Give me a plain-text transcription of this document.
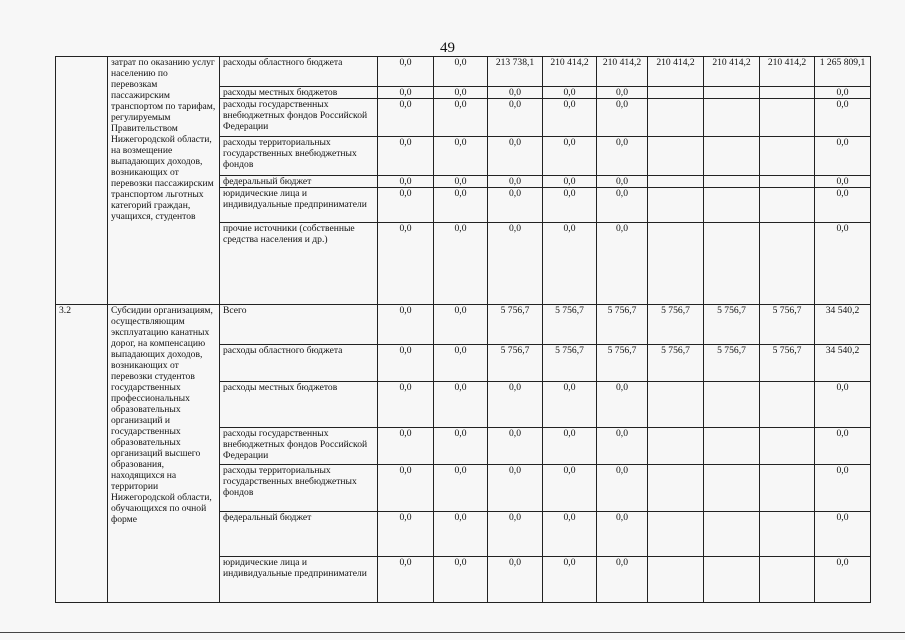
49
	затрат по оказанию услуг населению по перевозкам пассажирским транспортом по тарифам, регулируемым Правительством Нижегородской области, на возмещение выпадающих доходов, возникающих от перевозки пассажирским транспортом льготных категорий граждан, учащихся, студентов	расходы областного бюджета	0,0	0,0	213 738,1	210 414,2	210 414,2	210 414,2	210 414,2	210 414,2	1 265 809,1
		расходы местных бюджетов	0,0	0,0	0,0	0,0	0,0				0,0
		расходы государственных внебюджетных фондов Российской Федерации	0,0	0,0	0,0	0,0	0,0				0,0
		расходы территориальных государственных внебюджетных фондов	0,0	0,0	0,0	0,0	0,0				0,0
		федеральный бюджет	0,0	0,0	0,0	0,0	0,0				0,0
		юридические лица и индивидуальные предприниматели	0,0	0,0	0,0	0,0	0,0				0,0
		прочие источники (собственные средства населения и др.)	0,0	0,0	0,0	0,0	0,0				0,0
3.2	Субсидии организациям, осуществляющим эксплуатацию канатных дорог, на компенсацию выпадающих доходов, возникающих от перевозки студентов государственных профессиональных образовательных организаций и государственных образовательных организаций высшего образования, находящихся на территории Нижегородской области, обучающихся по очной форме	Всего	0,0	0,0	5 756,7	5 756,7	5 756,7	5 756,7	5 756,7	5 756,7	34 540,2
		расходы областного бюджета	0,0	0,0	5 756,7	5 756,7	5 756,7	5 756,7	5 756,7	5 756,7	34 540,2
		расходы местных бюджетов	0,0	0,0	0,0	0,0	0,0				0,0
		расходы государственных внебюджетных фондов Российской Федерации	0,0	0,0	0,0	0,0	0,0				0,0
		расходы территориальных государственных внебюджетных фондов	0,0	0,0	0,0	0,0	0,0				0,0
		федеральный бюджет	0,0	0,0	0,0	0,0	0,0				0,0
		юридические лица и индивидуальные предприниматели	0,0	0,0	0,0	0,0	0,0				0,0
